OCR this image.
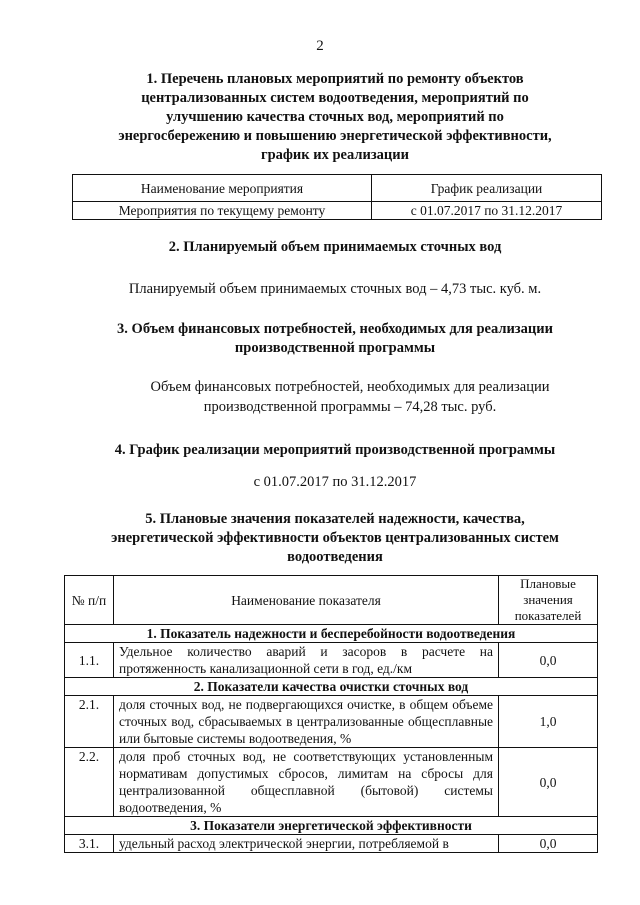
2
1. Перечень плановых мероприятий по ремонту объектов централизованных систем водоотведения, мероприятий по улучшению качества сточных вод, мероприятий по энергосбережению и повышению энергетической эффективности, график их реализации
Наименование мероприятия	График реализации
Мероприятия по текущему ремонту	с 01.07.2017 по 31.12.2017
2. Планируемый объем принимаемых сточных вод
Планируемый объем принимаемых сточных вод – 4,73 тыс. куб. м.
3. Объем финансовых потребностей, необходимых для реализации производственной программы
Объем финансовых потребностей, необходимых для реализации производственной программы – 74,28 тыс. руб.
4. График реализации мероприятий производственной программы
с 01.07.2017 по 31.12.2017
5. Плановые значения показателей надежности, качества, энергетической эффективности объектов централизованных систем водоотведения
№ п/п	Наименование показателя	Плановые значения показателей
1. Показатель надежности и бесперебойности водоотведения		
1.1.	Удельное количество аварий и засоров в расчете на протяженность канализационной сети в год, ед./км	0,0
2. Показатели качества очистки сточных вод		
2.1.	доля сточных вод, не подвергающихся очистке, в общем объеме сточных вод, сбрасываемых в централизованные общесплавные или бытовые системы водоотведения, %	1,0
2.2.	доля проб сточных вод, не соответствующих установленным нормативам допустимых сбросов, лимитам на сбросы для централизованной общесплавной (бытовой) системы водоотведения, %	0,0
3. Показатели энергетической эффективности		
3.1.	удельный расход электрической энергии, потребляемой в	0,0
